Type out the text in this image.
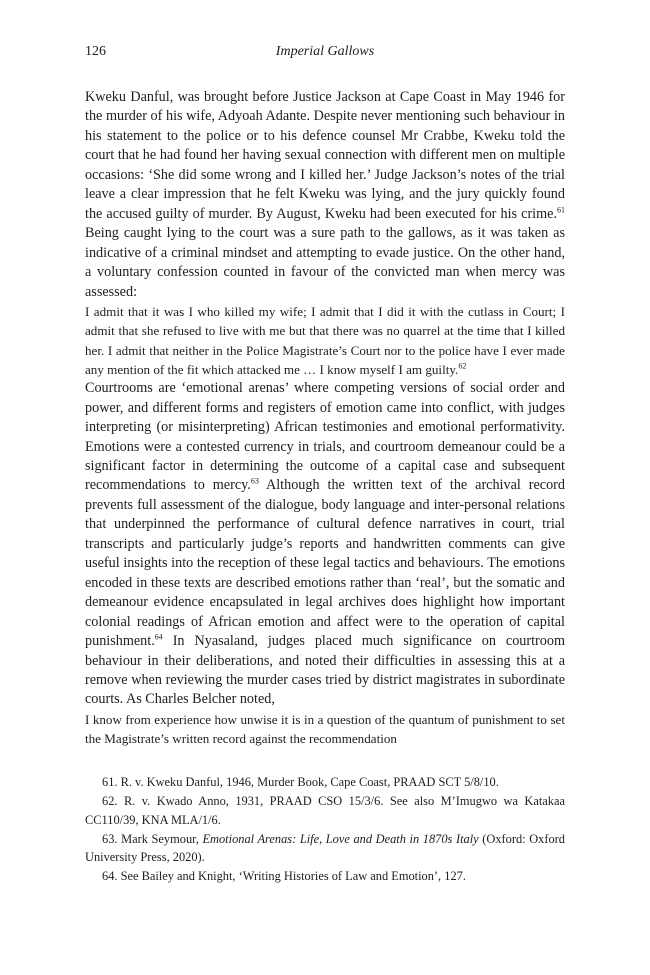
126	Imperial Gallows

Kweku Danful, was brought before Justice Jackson at Cape Coast in May 1946 for the murder of his wife, Adyoah Adante. Despite never mentioning such behaviour in his statement to the police or to his defence counsel Mr Crabbe, Kweku told the court that he had found her having sexual connection with different men on multiple occasions: ‘She did some wrong and I killed her.’ Judge Jackson’s notes of the trial leave a clear impression that he felt Kweku was lying, and the jury quickly found the accused guilty of murder. By August, Kweku had been executed for his crime.$^{61}$ Being caught lying to the court was a sure path to the gallows, as it was taken as indicative of a criminal mindset and attempting to evade justice. On the other hand, a voluntary confession counted in favour of the convicted man when mercy was assessed:

I admit that it was I who killed my wife; I admit that I did it with the cutlass in Court; I admit that she refused to live with me but that there was no quarrel at the time that I killed her. I admit that neither in the Police Magistrate’s Court nor to the police have I ever made any mention of the fit which attacked me … I know myself I am guilty.$^{62}$

Courtrooms are ‘emotional arenas’ where competing versions of social order and power, and different forms and registers of emotion came into conflict, with judges interpreting (or misinterpreting) African testimonies and emotional performativity. Emotions were a contested currency in trials, and courtroom demeanour could be a significant factor in determining the outcome of a capital case and subsequent recommendations to mercy.$^{63}$ Although the written text of the archival record prevents full assessment of the dialogue, body language and inter-personal relations that underpinned the performance of cultural defence narratives in court, trial transcripts and particularly judge’s reports and handwritten comments can give useful insights into the reception of these legal tactics and behaviours. The emotions encoded in these texts are described emotions rather than ‘real’, but the somatic and demeanour evidence encapsulated in legal archives does highlight how important colonial readings of African emotion and affect were to the operation of capital punishment.$^{64}$ In Nyasaland, judges placed much significance on courtroom behaviour in their deliberations, and noted their difficulties in assessing this at a remove when reviewing the murder cases tried by district magistrates in subordinate courts. As Charles Belcher noted,

I know from experience how unwise it is in a question of the quantum of punishment to set the Magistrate’s written record against the recommendation

61. R. v. Kweku Danful, 1946, Murder Book, Cape Coast, PRAAD SCT 5/8/10.

62. R. v. Kwado Anno, 1931, PRAAD CSO 15/3/6. See also M’Imugwo wa Katakaa CC110/39, KNA MLA/1/6.

63. Mark Seymour, Emotional Arenas: Life, Love and Death in 1870s Italy (Oxford: Oxford University Press, 2020).

64. See Bailey and Knight, ‘Writing Histories of Law and Emotion’, 127.
